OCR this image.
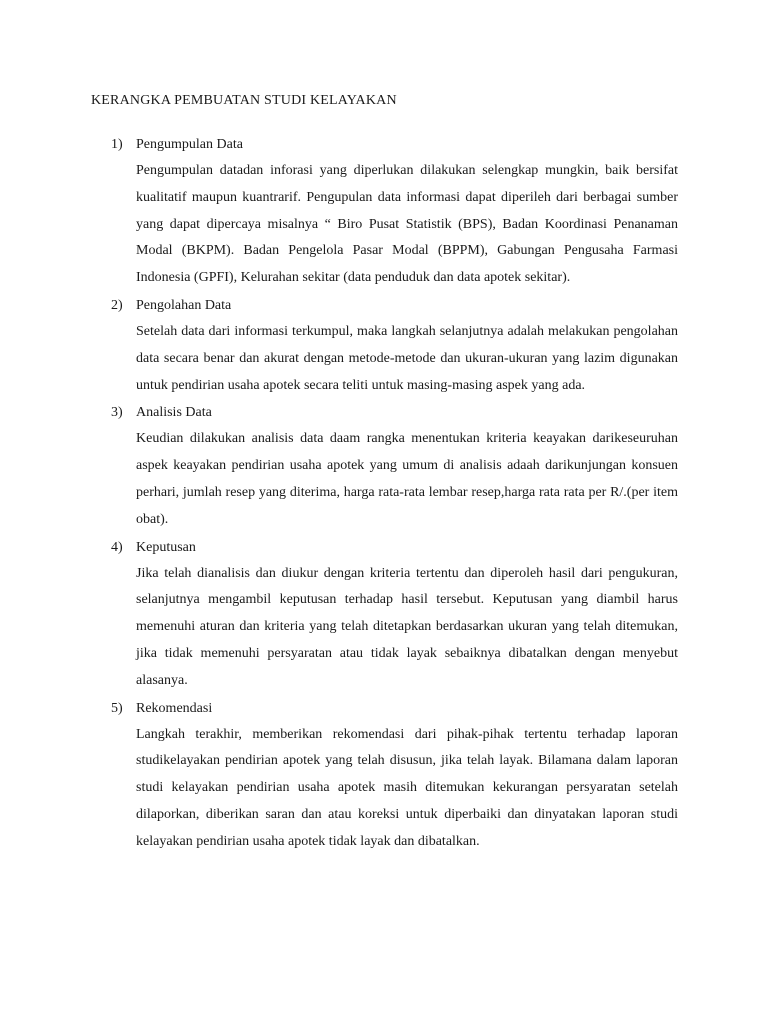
KERANGKA PEMBUATAN STUDI KELAYAKAN
1) Pengumpulan Data
Pengumpulan datadan inforasi yang diperlukan dilakukan selengkap mungkin, baik bersifat kualitatif maupun kuantrarif. Pengupulan data informasi dapat diperileh dari berbagai sumber yang dapat dipercaya misalnya “ Biro Pusat Statistik (BPS), Badan Koordinasi Penanaman Modal (BKPM). Badan Pengelola Pasar Modal (BPPM), Gabungan Pengusaha Farmasi Indonesia (GPFI), Kelurahan sekitar (data penduduk dan data apotek sekitar).
2) Pengolahan Data
Setelah data dari informasi terkumpul, maka langkah selanjutnya adalah melakukan pengolahan data secara benar dan akurat dengan metode-metode dan ukuran-ukuran yang lazim digunakan untuk pendirian usaha apotek secara teliti untuk masing-masing aspek yang ada.
3) Analisis Data
Keudian dilakukan analisis data daam rangka menentukan kriteria keayakan darikeseuruhan aspek keayakan pendirian usaha apotek yang umum di analisis adaah darikunjungan konsuen perhari, jumlah resep yang diterima, harga rata-rata lembar resep,harga rata rata per R/.(per item obat).
4) Keputusan
Jika telah dianalisis dan diukur dengan kriteria tertentu dan diperoleh hasil dari pengukuran, selanjutnya mengambil keputusan terhadap hasil tersebut. Keputusan yang diambil harus memenuhi aturan dan kriteria yang telah ditetapkan berdasarkan ukuran yang telah ditemukan, jika tidak memenuhi persyaratan atau tidak layak sebaiknya dibatalkan dengan menyebut alasanya.
5) Rekomendasi
Langkah terakhir, memberikan rekomendasi dari pihak-pihak tertentu terhadap laporan studikelayakan pendirian apotek yang telah disusun, jika telah layak. Bilamana dalam laporan studi kelayakan pendirian usaha apotek masih ditemukan kekurangan persyaratan setelah dilaporkan, diberikan saran dan atau koreksi untuk diperbaiki dan dinyatakan laporan studi kelayakan pendirian usaha apotek tidak layak dan dibatalkan.
